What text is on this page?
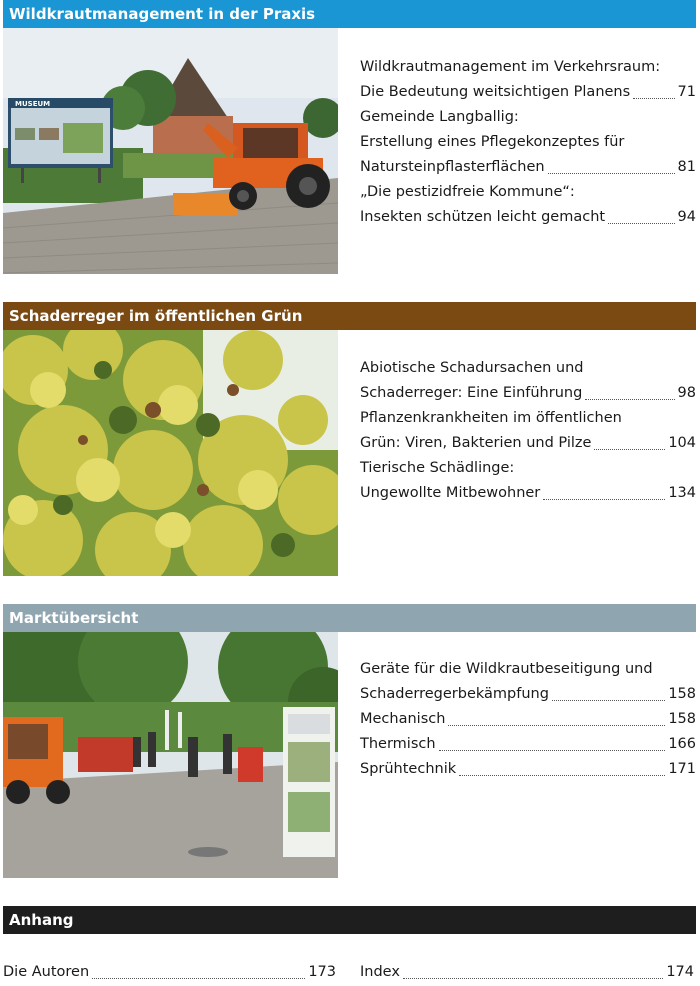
Wildkrautmanagement in der Praxis
MUSEUM
Wildkrautmanagement im Verkehrsraum:
Die Bedeutung weitsichtigen Planens	71
Gemeinde Langballig:
Erstellung eines Pflegekonzeptes für
Natursteinpflasterflächen	81
„Die pestizidfreie Kommune“:
Insekten schützen leicht gemacht	94
Schaderreger im öffentlichen Grün
Abiotische Schadursachen und
Schaderreger: Eine Einführung	98
Pflanzenkrankheiten im öffentlichen
Grün: Viren, Bakterien und Pilze	104
Tierische Schädlinge:
Ungewollte Mitbewohner	134
Marktübersicht
Geräte für die Wildkrautbeseitigung und
Schaderregerbekämpfung	158
Mechanisch	158
Thermisch	166
Sprühtechnik	171
Anhang
Die Autoren	173 Index	174
